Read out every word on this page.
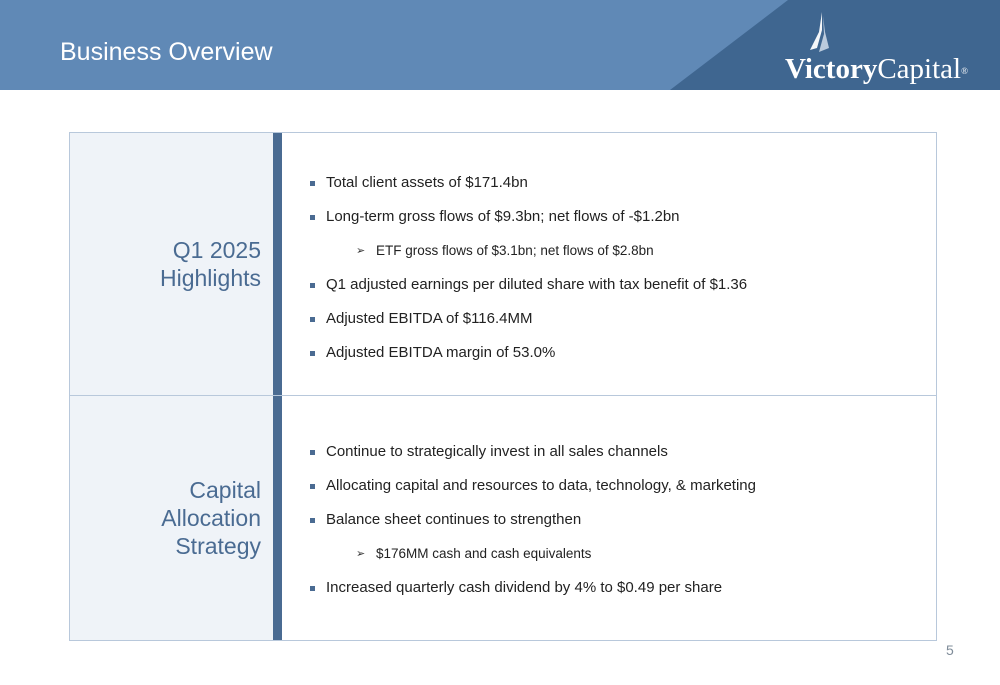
Business Overview
VictoryCapital®
Q1 2025
Highlights
Total client assets of $171.4bn
Long-term gross flows of $9.3bn; net flows of -$1.2bn
➢ ETF gross flows of $3.1bn; net flows of $2.8bn
Q1 adjusted earnings per diluted share with tax benefit of $1.36
Adjusted EBITDA of $116.4MM
Adjusted EBITDA margin of 53.0%
Capital
Allocation
Strategy
Continue to strategically invest in all sales channels
Allocating capital and resources to data, technology, & marketing
Balance sheet continues to strengthen
➢ $176MM cash and cash equivalents
Increased quarterly cash dividend by 4% to $0.49 per share
5
